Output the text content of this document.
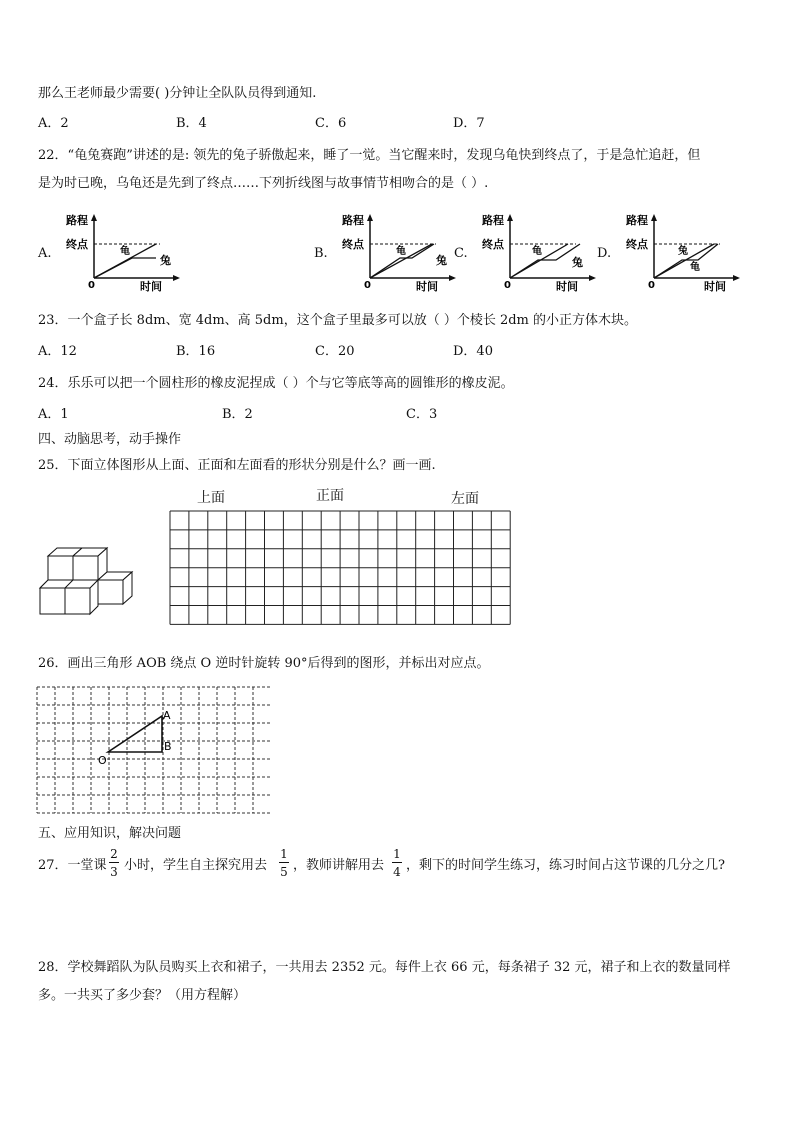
那么王老师最少需要( )分钟让全队队员得到通知.
A．2	B．4	C．6	D．7
22．“龟兔赛跑”讲述的是: 领先的兔子骄傲起来，睡了一觉。当它醒来时，发现乌龟快到终点了，于是急忙追赶，但
是为时已晚，乌龟还是先到了终点……下列折线图与故事情节相吻合的是（ ）.
A.	B.	C.	D.
路程
终点
0	时间
龟
兔
路程
终点
0	时间
龟
兔
路程
终点
0	时间
龟
兔
路程
终点
0	时间
兔
龟
23．一个盒子长 8dm、宽 4dm、高 5dm，这个盒子里最多可以放（ ）个棱长 2dm 的小正方体木块。
A．12	B．16	C．20	D．40
24．乐乐可以把一个圆柱形的橡皮泥捏成（ ）个与它等底等高的圆锥形的橡皮泥。
A．1	B．2	C．3
四、动脑思考，动手操作
25．下面立体图形从上面、正面和左面看的形状分别是什么？画一画.
上面	正面	左面
26．画出三角形 AOB 绕点 O 逆时针旋转 90°后得到的图形，并标出对应点。
A
B
O
五、应用知识，解决问题
27．一堂课
2
3 小时，学生自主探究用去
1
5 ，教师讲解用去
1
4 ，剩下的时间学生练习，练习时间占这节课的几分之几?
28．学校舞蹈队为队员购买上衣和裙子，一共用去 2352 元。每件上衣 66 元，每条裙子 32 元，裙子和上衣的数量同样
多。一共买了多少套？（用方程解）
